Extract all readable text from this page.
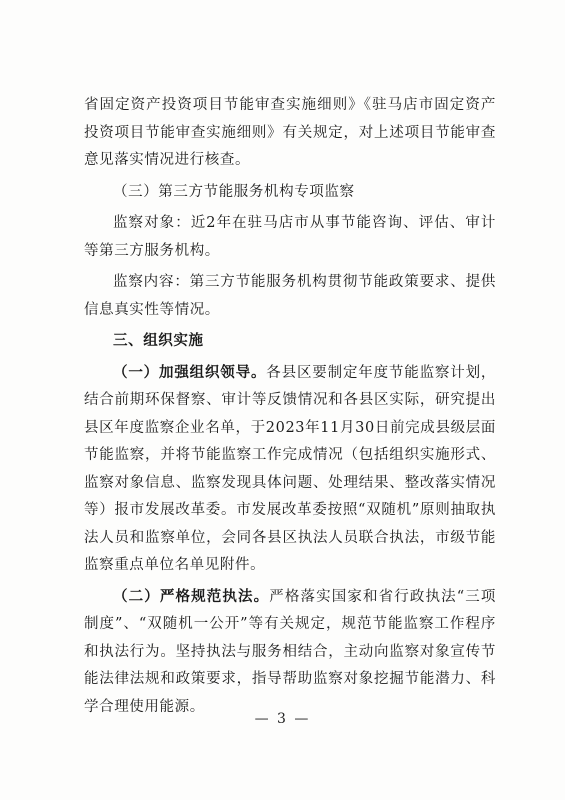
省固定资产投资项目节能审查实施细则》《驻马店市固定资产投资项目节能审查实施细则》有关规定，对上述项目节能审查意见落实情况进行核查。

（三）第三方节能服务机构专项监察

监察对象：近2年在驻马店市从事节能咨询、评估、审计等第三方服务机构。

监察内容：第三方节能服务机构贯彻节能政策要求、提供信息真实性等情况。

三、组织实施

（一）加强组织领导。各县区要制定年度节能监察计划，结合前期环保督察、审计等反馈情况和各县区实际，研究提出县区年度监察企业名单，于2023年11月30日前完成县级层面节能监察，并将节能监察工作完成情况（包括组织实施形式、监察对象信息、监察发现具体问题、处理结果、整改落实情况等）报市发展改革委。市发展改革委按照“双随机”原则抽取执法人员和监察单位，会同各县区执法人员联合执法，市级节能监察重点单位名单见附件。

（二）严格规范执法。严格落实国家和省行政执法“三项制度”、“双随机一公开”等有关规定，规范节能监察工作程序和执法行为。坚持执法与服务相结合，主动向监察对象宣传节能法律法规和政策要求，指导帮助监察对象挖掘节能潜力、科学合理使用能源。

— 3 —
